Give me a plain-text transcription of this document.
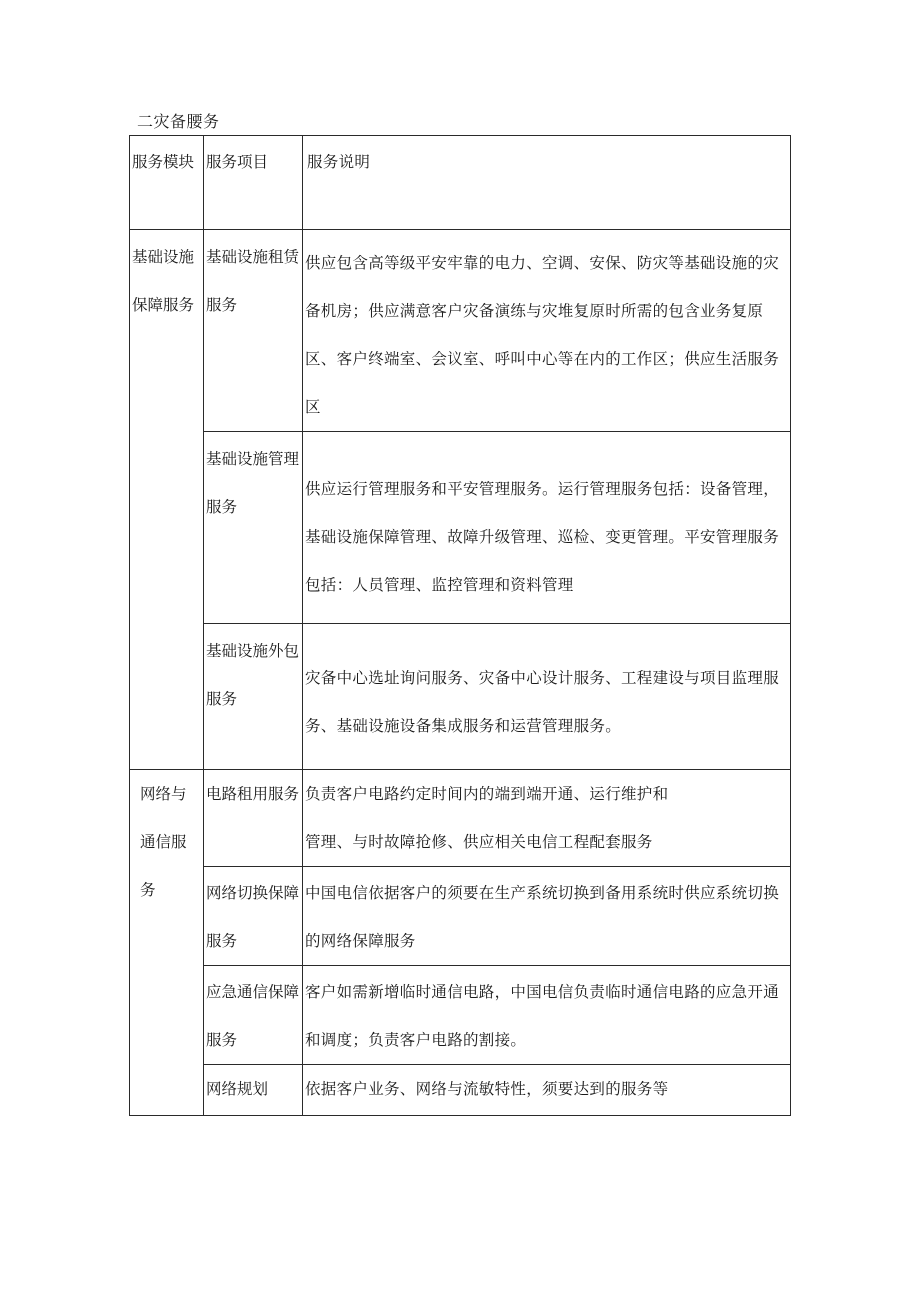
二灾备腰务
服务模块	服务项目	服务说明
基础设施保障服务	基础设施租赁服务	供应包含高等级平安牢靠的电力、空调、安保、防灾等基础设施的灾备机房；供应满意客户灾备演练与灾堆复原时所需的包含业务复原区、客户终端室、会议室、呼叫中心等在内的工作区；供应生活服务区
	基础设施管理服务	供应运行管理服务和平安管理服务。运行管理服务包括：设备管理，基础设施保障管理、故障升级管理、巡检、变更管理。平安管理服务包括：人员管理、监控管理和资料管理
	基础设施外包服务	灾备中心选址询问服务、灾备中心设计服务、工程建设与项目监理服务、基础设施设备集成服务和运营管理服务。

网络与通信服务	电路租用服务	负责客户电路约定时间内的端到端开通、运行维护和
管理、与时故障抢修、供应相关电信工程配套服务

	网络切换保障服务	中国电信依据客户的须要在生产系统切换到备用系统时供应系统切换的网络保障服务
	应急通信保障服务	客户如需新增临时通信电路，中国电信负责临时通信电路的应急开通和调度；负责客户电路的割接。
	网络规划	依据客户业务、网络与流敏特性，须要达到的服务等
